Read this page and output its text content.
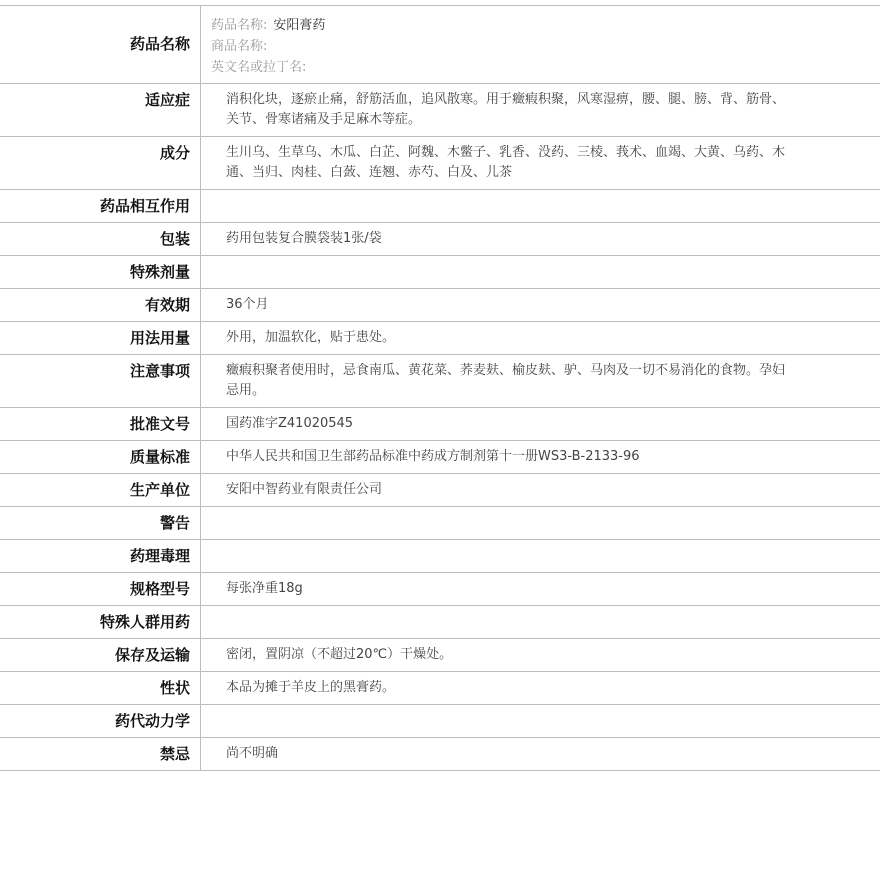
药品名称
药品名称: 安阳膏药
商品名称:
英文名或拉丁名:
适应症	消积化块，逐瘀止痛，舒筋活血，追风散寒。用于癥瘕积聚，风寒湿痹，腰、腿、膀、背、筋骨、关节、骨寒诸痛及手足麻木等症。
成分	生川乌、生草乌、木瓜、白芷、阿魏、木鳖子、乳香、没药、三棱、莪术、血竭、大黄、乌药、木通、当归、肉桂、白蔹、连翘、赤芍、白及、儿茶
药品相互作用
包装	药用包装复合膜袋装1张/袋
特殊剂量
有效期	36个月
用法用量	外用，加温软化，贴于患处。
注意事项	癥瘕积聚者使用时，忌食南瓜、黄花菜、荞麦麸、榆皮麸、驴、马肉及一切不易消化的食物。孕妇忌用。
批准文号	国药准字Z41020545
质量标准	中华人民共和国卫生部药品标准中药成方制剂第十一册WS3-B-2133-96
生产单位	安阳中智药业有限责任公司
警告
药理毒理
规格型号	每张净重18g
特殊人群用药
保存及运输	密闭，置阴凉（不超过20℃）干燥处。
性状	本品为摊于羊皮上的黑膏药。
药代动力学
禁忌	尚不明确
